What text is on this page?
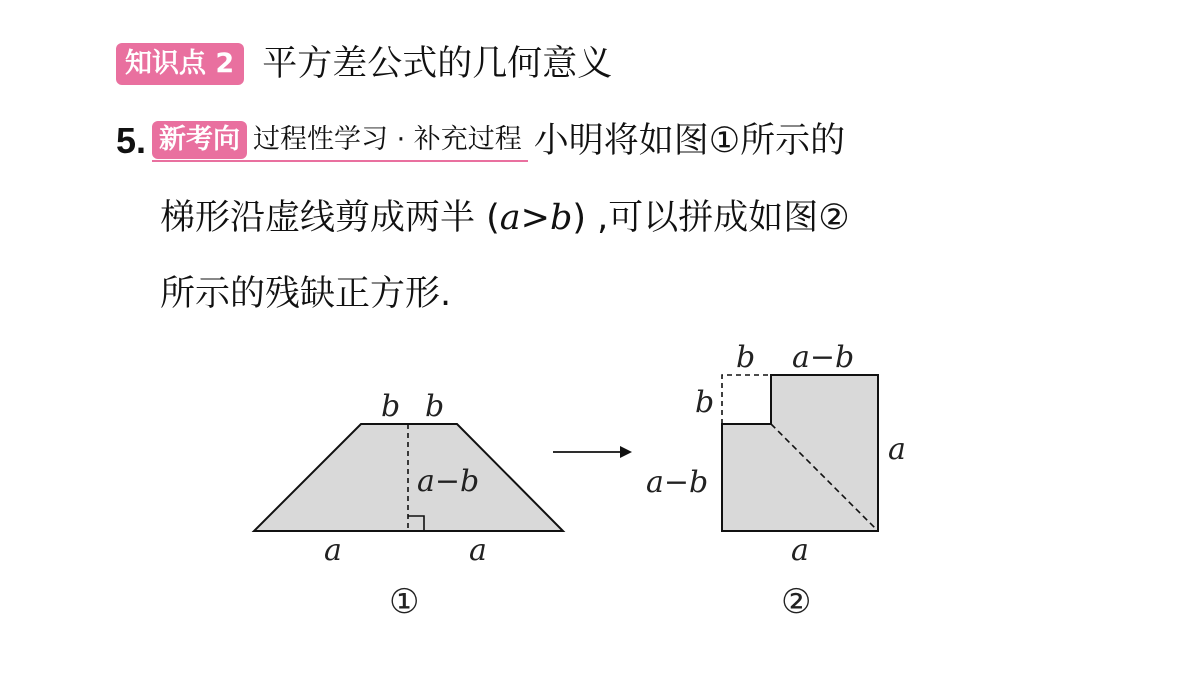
知识点 2 平方差公式的几何意义
5. 新考向 过程性学习 · 补充过程 小明将如图①所示的
梯形沿虚线剪成两半 (a>b) ,可以拼成如图②
所示的残缺正方形.
b b
a−b
a	a
①
b a−b
b
a−b
a
a
②
